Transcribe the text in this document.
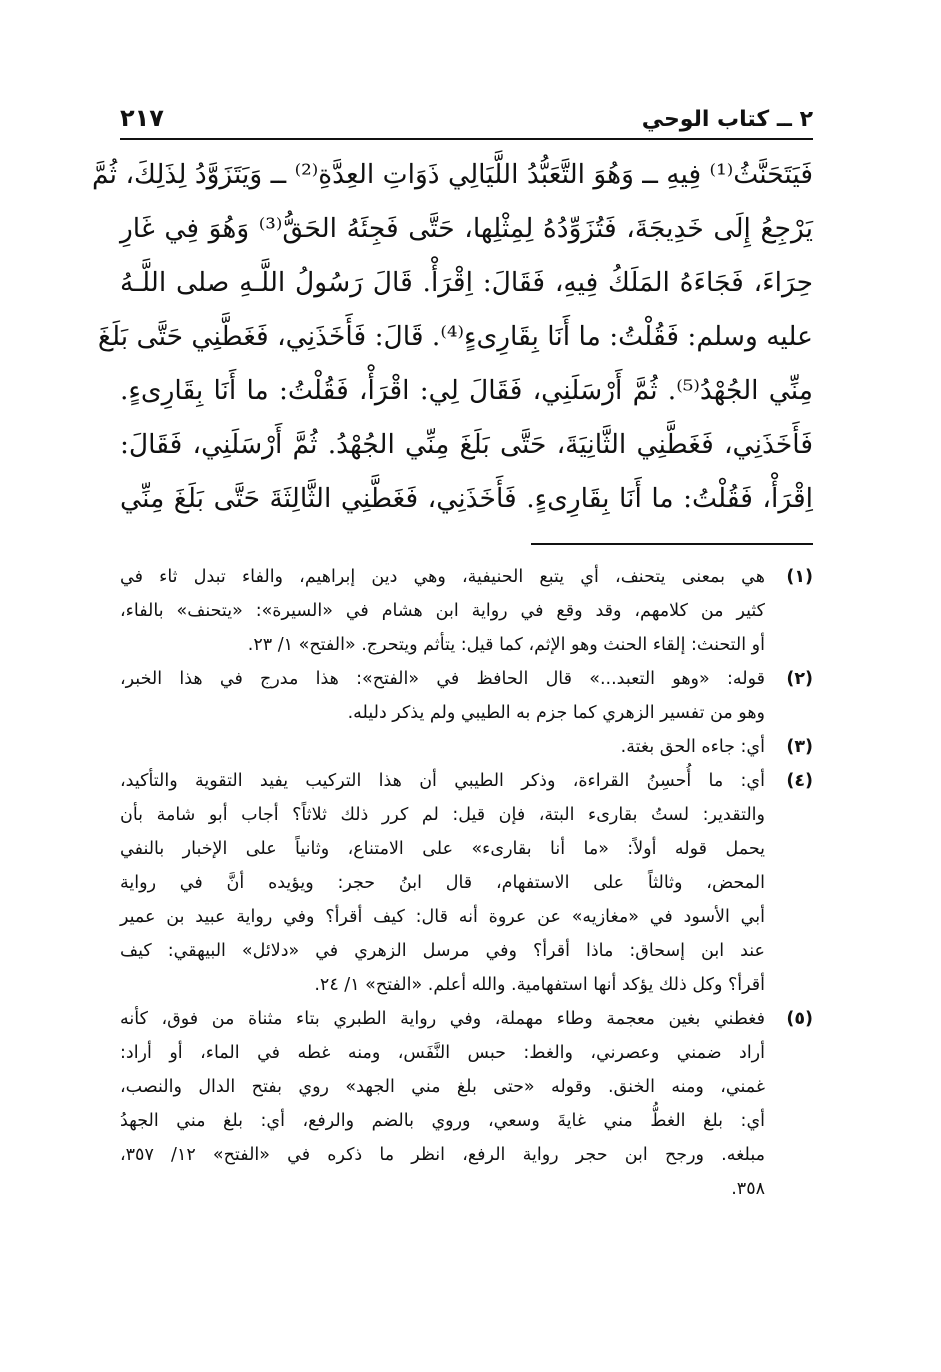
٢ ــ كتاب الوحي
٢١٧
فَيَتَحَنَّثُ⁽¹⁾ فِيهِ ــ وَهُوَ التَّعَبُّدُ اللَّيَالِي ذَوَاتِ العِدَّةِ⁽²⁾ ــ وَيَتَزَوَّدُ لِذَلِكَ، ثُمَّ
يَرْجِعُ إِلَى خَدِيجَةَ، فَتُزَوِّدُهُ لِمِثْلِها، حَتَّى فَجِئَهُ الحَقُّ⁽³⁾ وَهُوَ فِي غَارِ
حِرَاءَ، فَجَاءَهُ المَلَكُ فِيهِ، فَقَالَ: اِقْرَأْ. قَالَ رَسُولُ اللَّـهِ صلى اللَّـهُ
عليه وسلم: فَقُلْتُ: ما أَنَا بِقَارِىءٍ⁽⁴⁾. قَالَ: فَأَخَذَنِي، فَغَطَّنِي حَتَّى بَلَغَ
مِنِّي الجُهْدُ⁽⁵⁾. ثُمَّ أَرْسَلَنِي، فَقَالَ لِي: اقْرَأْ، فَقُلْتُ: ما أَنَا بِقَارِىءٍ.
فَأَخَذَنِي، فَغَطَّنِي الثَّانِيَةَ، حَتَّى بَلَغَ مِنِّي الجُهْدُ. ثُمَّ أَرْسَلَنِي، فَقَالَ:
اِقْرَأْ، فَقُلْتُ: ما أَنَا بِقَارِىءٍ. فَأَخَذَنِي، فَغَطَّنِي الثَّالِثَةَ حَتَّى بَلَغَ مِنِّي
(١)
هي بمعنى يتحنف، أي يتبع الحنيفية، وهي دين إبراهيم، والفاء تبدل ثاء في
كثير من كلامهم، وقد وقع في رواية ابن هشام في «السيرة»: «يتحنف» بالفاء،
أو التحنث: إلقاء الحنث وهو الإثم، كما قيل: يتأثم ويتحرج. «الفتح» ١/ ٢٣.
(٢)
قوله: «وهو التعبد...» قال الحافظ في «الفتح»: هذا مدرج في هذا الخبر،
وهو من تفسير الزهري كما جزم به الطيبي ولم يذكر دليله.
(٣)
أي: جاءه الحق بغتة.
(٤)
أي: ما أُحسِنُ القراءة، وذكر الطيبي أن هذا التركيب يفيد التقوية والتأكيد،
والتقدير: لستُ بقارىء البتة، فإن قيل: لم كرر ذلك ثلاثاً؟ أجاب أبو شامة بأن
يحمل قوله أولاً: «ما أنا بقارىء» على الامتناع، وثانياً على الإخبار بالنفي
المحض، وثالثاً على الاستفهام، قال ابنُ حجر: ويؤيده أنَّ في رواية
أبي الأسود في «مغازيه» عن عروة أنه قال: كيف أقرأ؟ وفي رواية عبيد بن عمير
عند ابن إسحاق: ماذا أقرأ؟ وفي مرسل الزهري في «دلائل» البيهقي: كيف
أقرأ؟ وكل ذلك يؤكد أنها استفهامية. والله أعلم. «الفتح» ١/ ٢٤.
(٥)
فغطني بغين معجمة وطاء مهملة، وفي رواية الطبري بتاء مثناة من فوق، كأنه
أراد ضمني وعصرني، والغط: حبس النَّفَس، ومنه غطه في الماء، أو أراد:
غمني، ومنه الخنق. وقوله «حتى بلغ مني الجهد» روي بفتح الدال والنصب،
أي: بلغ الغطُّ مني غايةَ وسعي، وروي بالضم والرفع، أي: بلغ مني الجهدُ
مبلغه. ورجح ابن حجر رواية الرفع، انظر ما ذكره في «الفتح» ١٢/ ٣٥٧،
٣٥٨.
